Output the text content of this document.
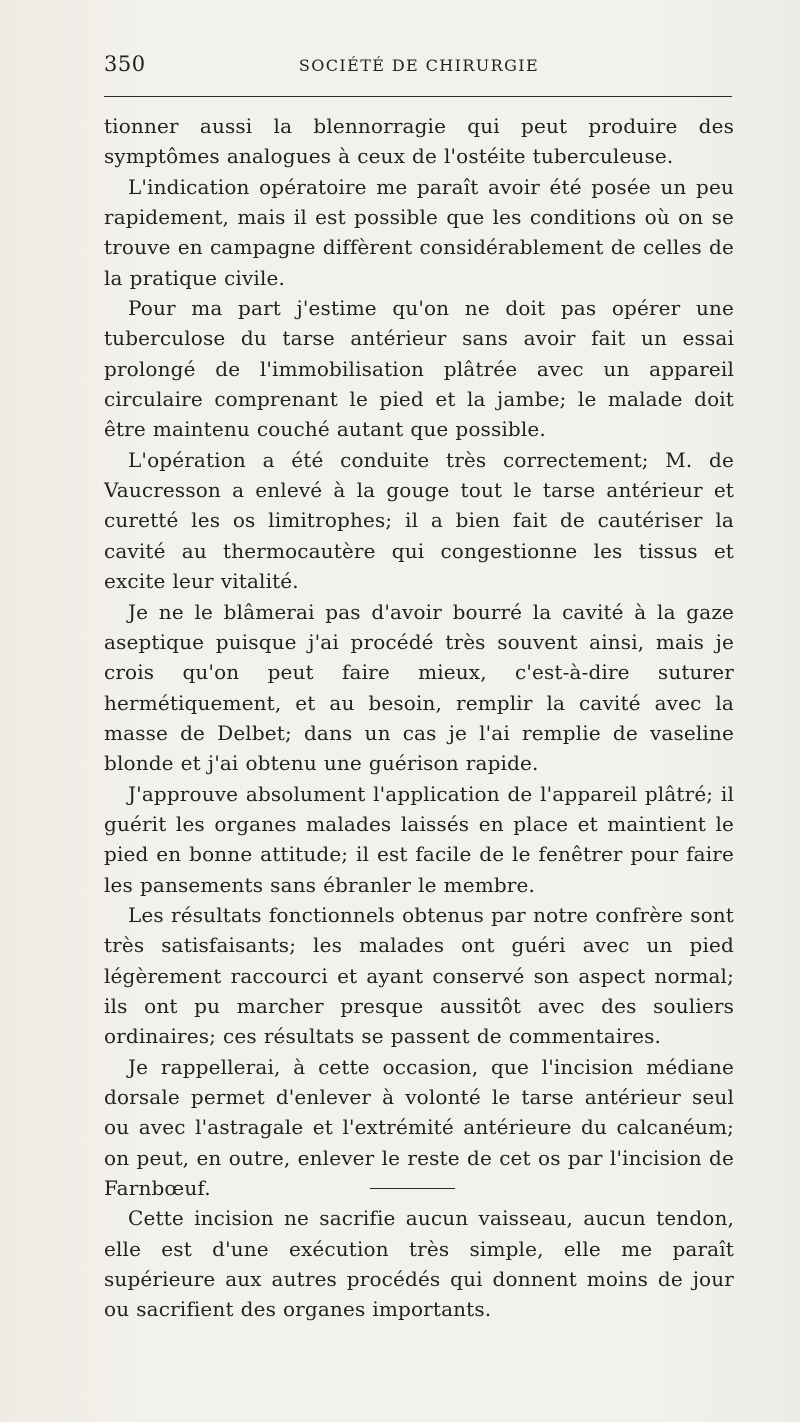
350	SOCIÉTÉ DE CHIRURGIE

tionner aussi la blennorragie qui peut produire des symptômes analogues à ceux de l'ostéite tuberculeuse.

L'indication opératoire me paraît avoir été posée un peu rapidement, mais il est possible que les conditions où on se trouve en campagne diffèrent considérablement de celles de la pratique civile.

Pour ma part j'estime qu'on ne doit pas opérer une tuberculose du tarse antérieur sans avoir fait un essai prolongé de l'immobilisation plâtrée avec un appareil circulaire comprenant le pied et la jambe; le malade doit être maintenu couché autant que possible.

L'opération a été conduite très correctement; M. de Vaucresson a enlevé à la gouge tout le tarse antérieur et curetté les os limitrophes; il a bien fait de cautériser la cavité au thermocautère qui congestionne les tissus et excite leur vitalité.

Je ne le blâmerai pas d'avoir bourré la cavité à la gaze aseptique puisque j'ai procédé très souvent ainsi, mais je crois qu'on peut faire mieux, c'est-à-dire suturer hermétiquement, et au besoin, remplir la cavité avec la masse de Delbet; dans un cas je l'ai remplie de vaseline blonde et j'ai obtenu une guérison rapide.

J'approuve absolument l'application de l'appareil plâtré; il guérit les organes malades laissés en place et maintient le pied en bonne attitude; il est facile de le fenêtrer pour faire les pansements sans ébranler le membre.

Les résultats fonctionnels obtenus par notre confrère sont très satisfaisants; les malades ont guéri avec un pied légèrement raccourci et ayant conservé son aspect normal; ils ont pu marcher presque aussitôt avec des souliers ordinaires; ces résultats se passent de commentaires.

Je rappellerai, à cette occasion, que l'incision médiane dorsale permet d'enlever à volonté le tarse antérieur seul ou avec l'astragale et l'extrémité antérieure du calcanéum; on peut, en outre, enlever le reste de cet os par l'incision de Farnbœuf.

Cette incision ne sacrifie aucun vaisseau, aucun tendon, elle est d'une exécution très simple, elle me paraît supérieure aux autres procédés qui donnent moins de jour ou sacrifient des organes importants.
